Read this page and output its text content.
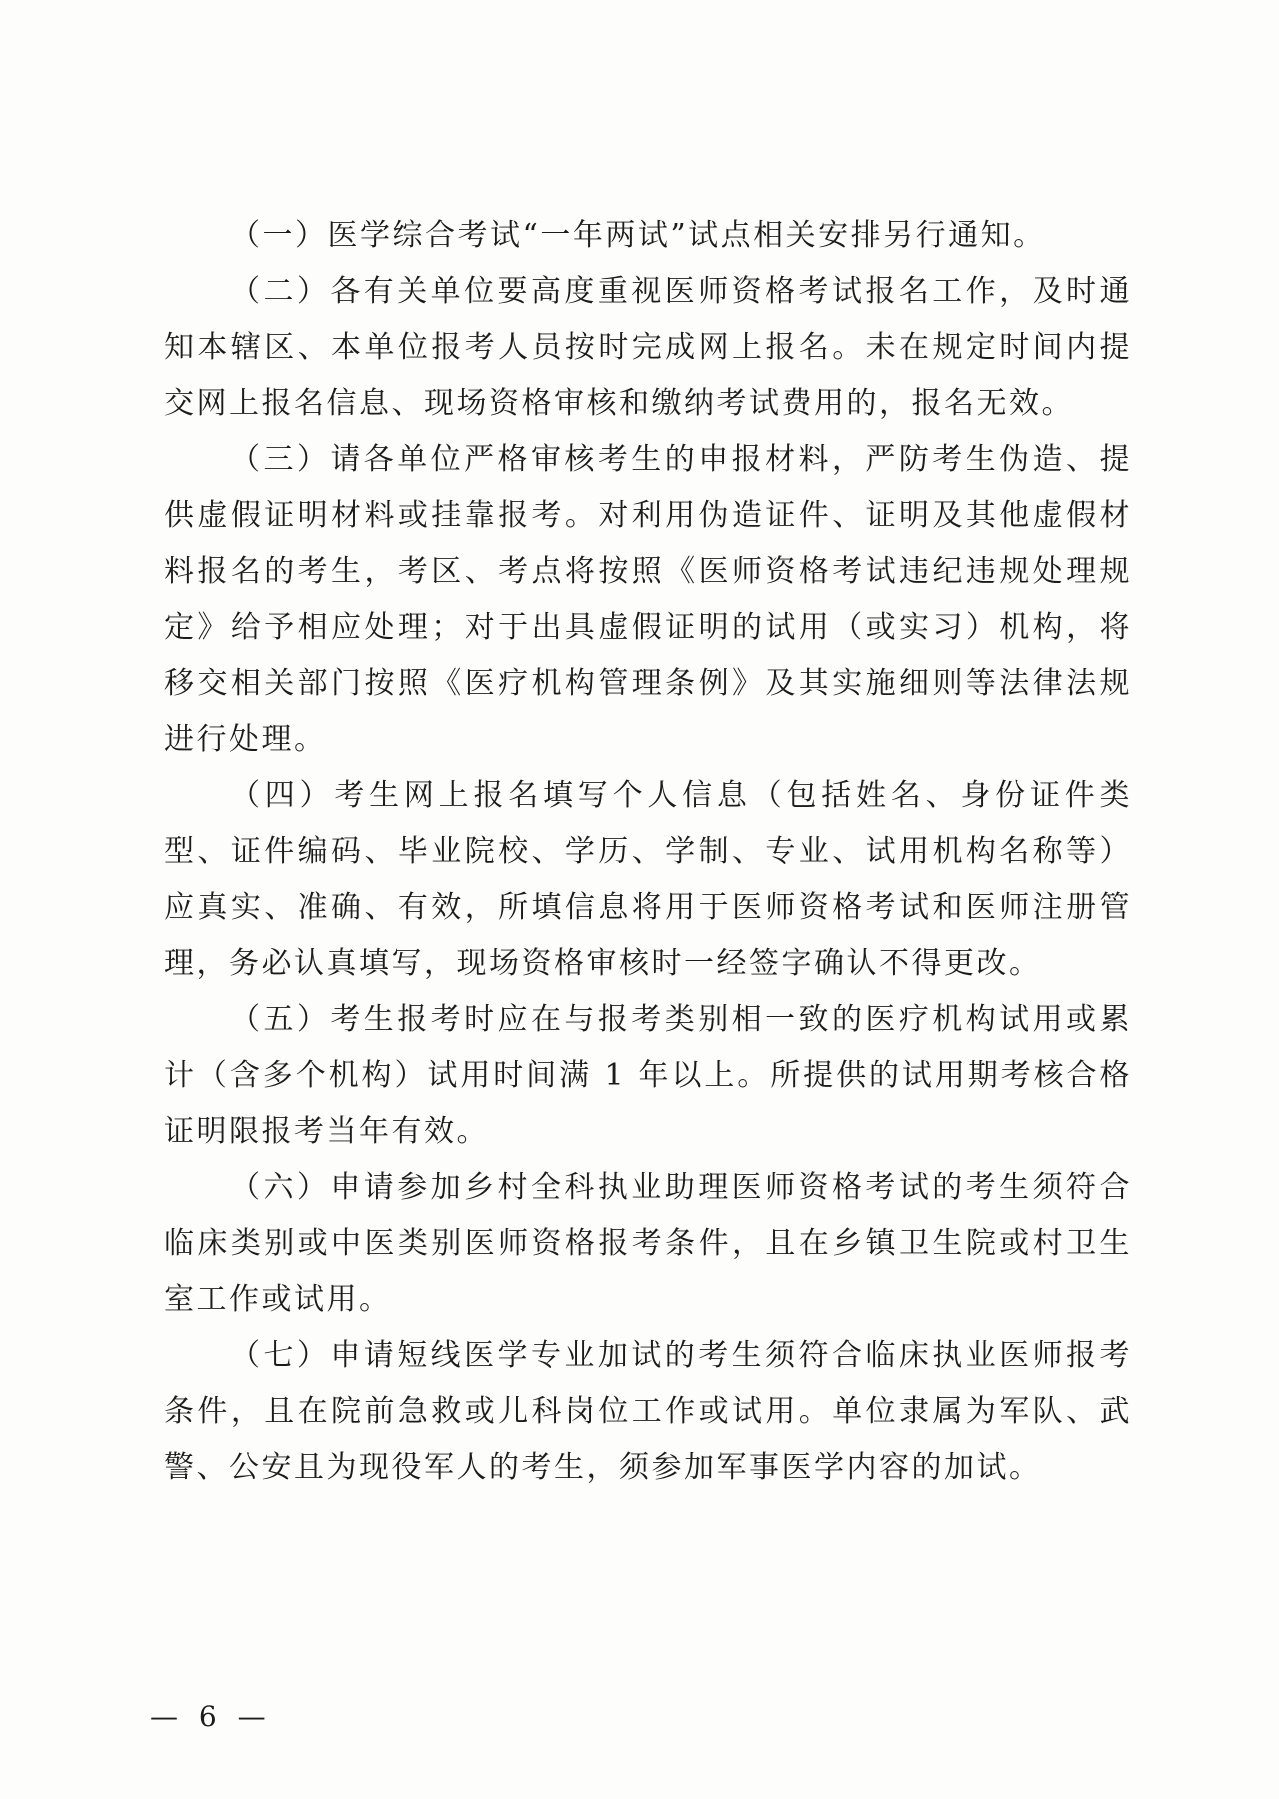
（一）医学综合考试“一年两试”试点相关安排另行通知。

（二）各有关单位要高度重视医师资格考试报名工作，及时通知本辖区、本单位报考人员按时完成网上报名。未在规定时间内提交网上报名信息、现场资格审核和缴纳考试费用的，报名无效。

（三）请各单位严格审核考生的申报材料，严防考生伪造、提供虚假证明材料或挂靠报考。对利用伪造证件、证明及其他虚假材料报名的考生，考区、考点将按照《医师资格考试违纪违规处理规定》给予相应处理；对于出具虚假证明的试用（或实习）机构，将移交相关部门按照《医疗机构管理条例》及其实施细则等法律法规进行处理。

（四）考生网上报名填写个人信息（包括姓名、身份证件类型、证件编码、毕业院校、学历、学制、专业、试用机构名称等）应真实、准确、有效，所填信息将用于医师资格考试和医师注册管理，务必认真填写，现场资格审核时一经签字确认不得更改。

（五）考生报考时应在与报考类别相一致的医疗机构试用或累计（含多个机构）试用时间满 1 年以上。所提供的试用期考核合格证明限报考当年有效。

（六）申请参加乡村全科执业助理医师资格考试的考生须符合临床类别或中医类别医师资格报考条件，且在乡镇卫生院或村卫生室工作或试用。

（七）申请短线医学专业加试的考生须符合临床执业医师报考条件，且在院前急救或儿科岗位工作或试用。单位隶属为军队、武警、公安且为现役军人的考生，须参加军事医学内容的加试。

— 6 —
